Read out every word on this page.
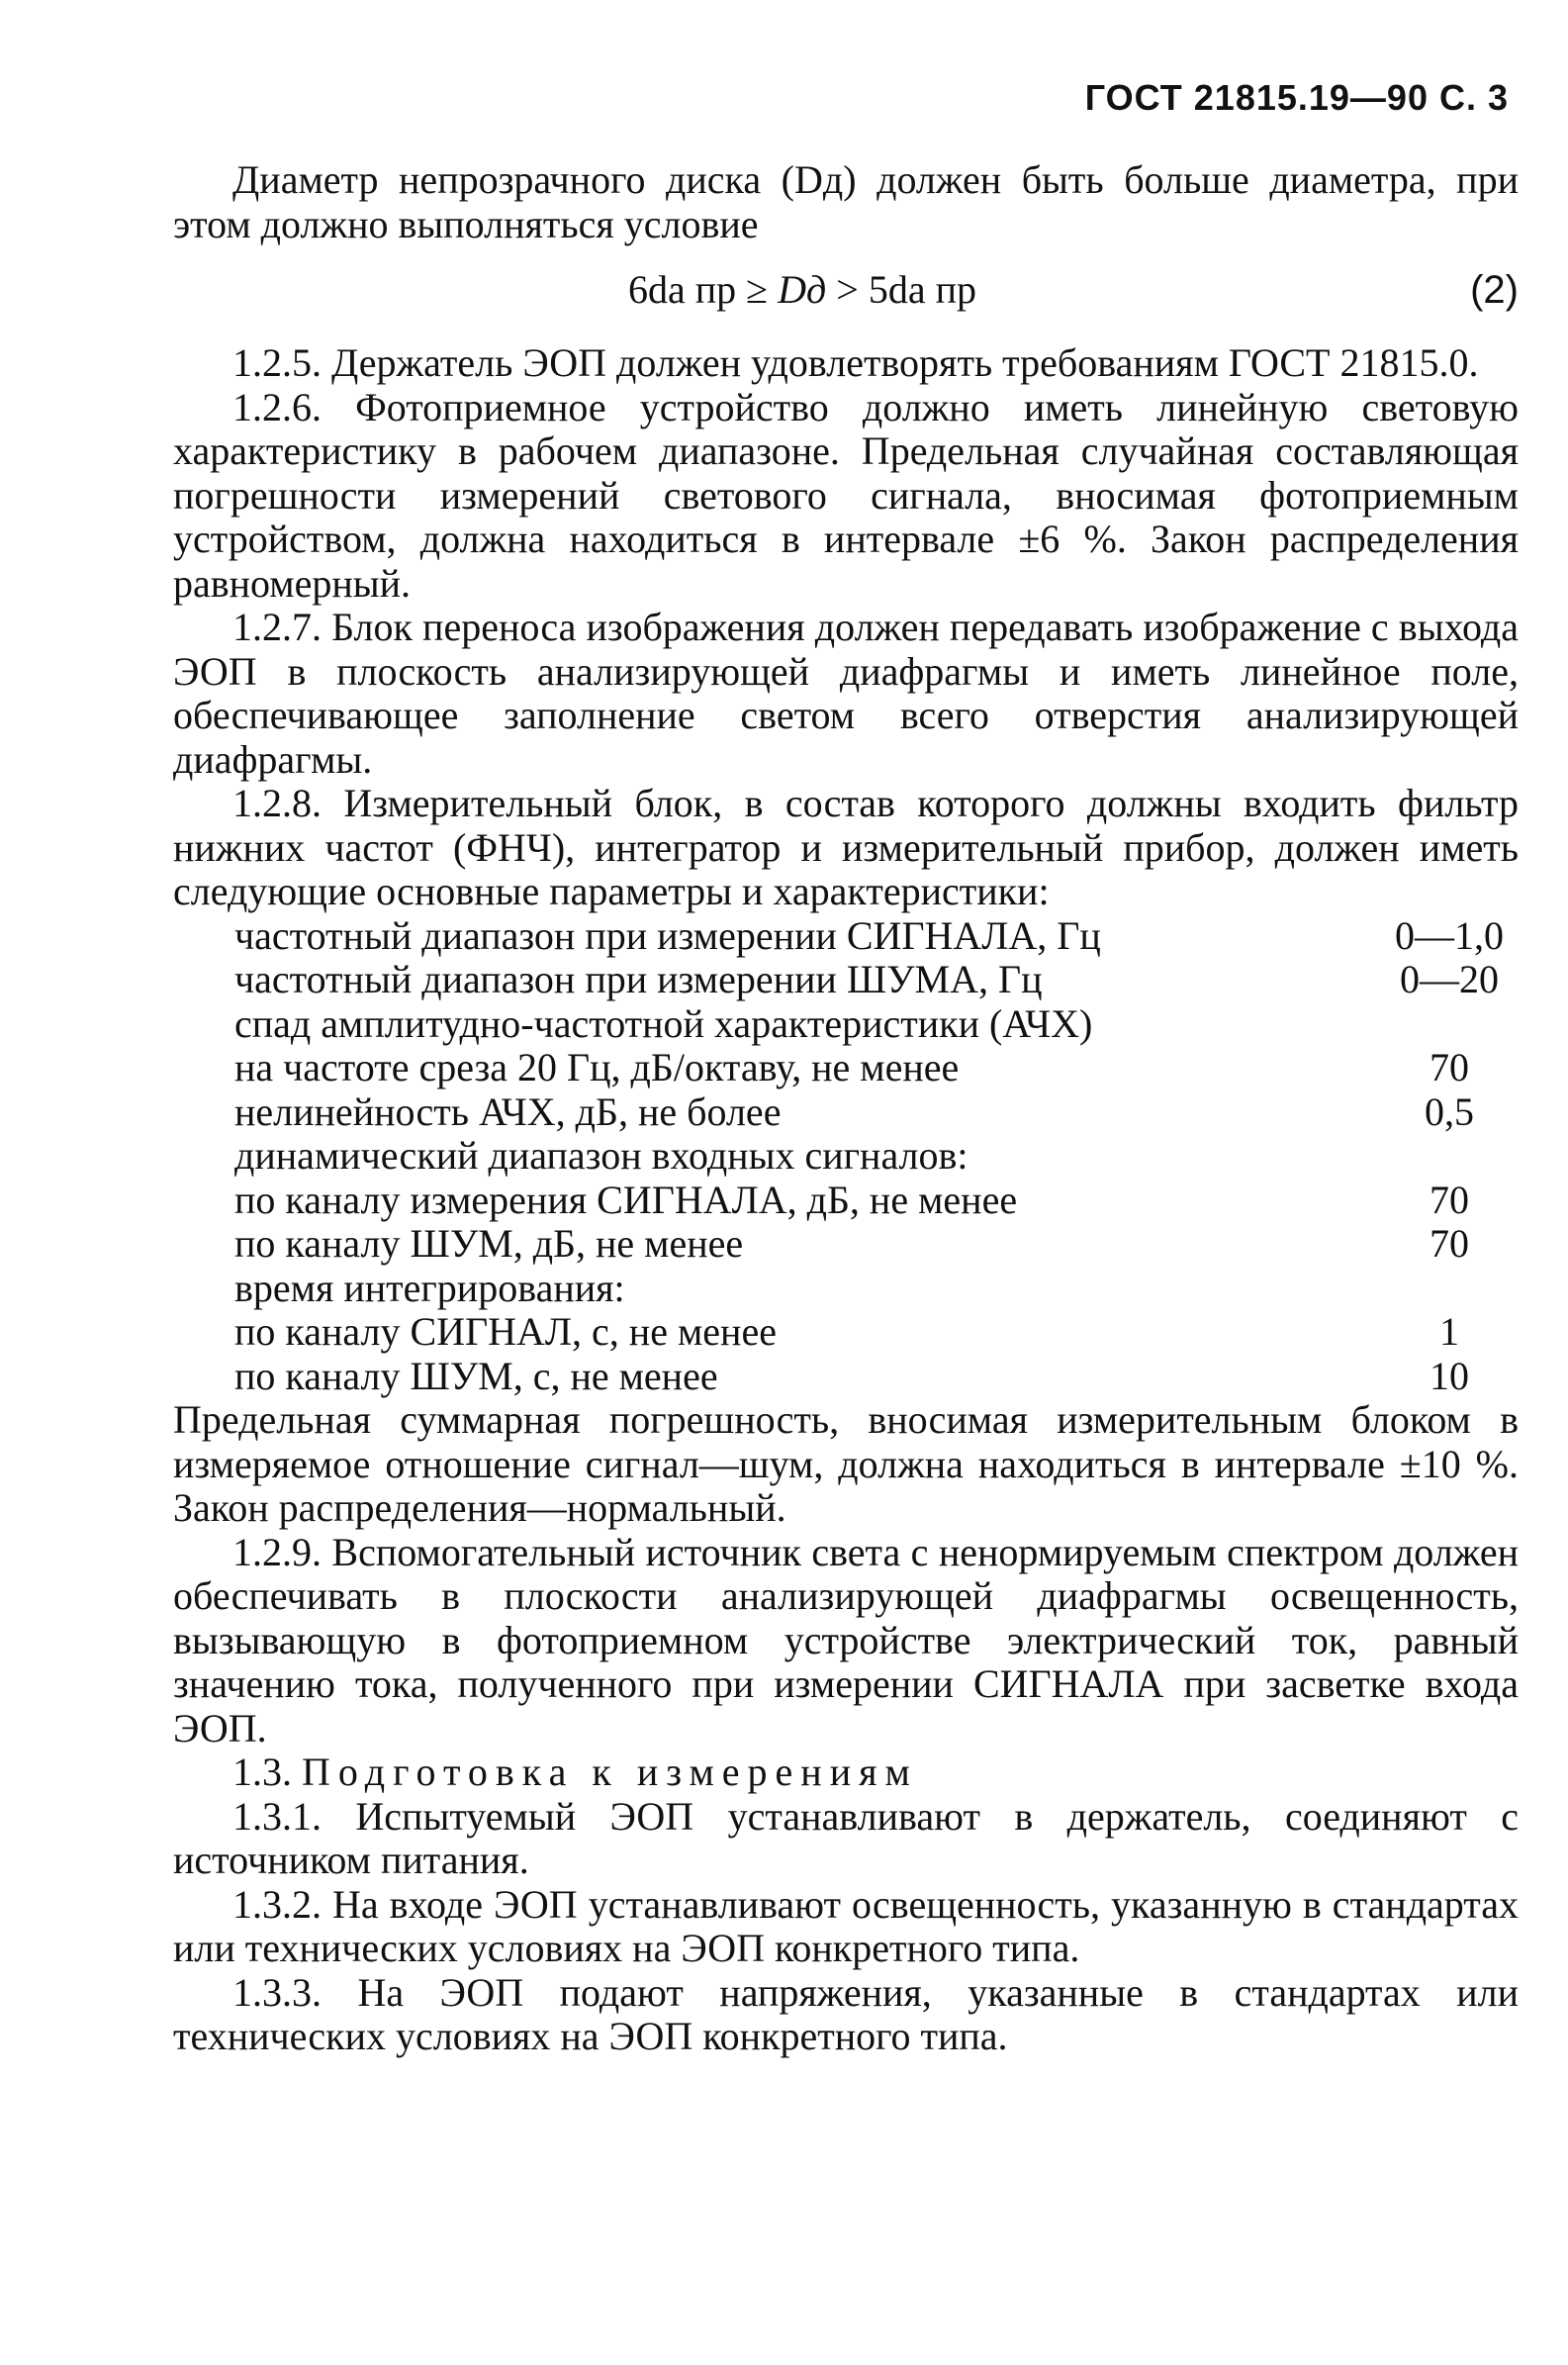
ГОСТ 21815.19—90 С. 3
Диаметр непрозрачного диска (Dд) должен быть больше диаметра, при этом должно выполняться условие
6dа пр ≥ Dд > 5dа пр	(2)
1.2.5. Держатель ЭОП должен удовлетворять требованиям ГОСТ 21815.0.
1.2.6. Фотоприемное устройство должно иметь линейную световую характеристику в рабочем диапазоне. Предельная случайная составляющая погрешности измерений светового сигнала, вносимая фотоприемным устройством, должна находиться в интервале ±6 %. Закон распределения равномерный.
1.2.7. Блок переноса изображения должен передавать изображение с выхода ЭОП в плоскость анализирующей диафрагмы и иметь линейное поле, обеспечивающее заполнение светом всего отверстия анализирующей диафрагмы.
1.2.8. Измерительный блок, в состав которого должны входить фильтр нижних частот (ФНЧ), интегратор и измерительный прибор, должен иметь следующие основные параметры и характеристики:
частотный диапазон при измерении СИГНАЛА, Гц	0—1,0
частотный диапазон при измерении ШУМА, Гц	0—20
спад амплитудно-частотной характеристики (АЧХ)
на частоте среза 20 Гц, дБ/октаву, не менее	70
нелинейность АЧХ, дБ, не более	0,5
динамический диапазон входных сигналов:
по каналу измерения СИГНАЛА, дБ, не менее	70
по каналу ШУМ, дБ, не менее	70
время интегрирования:
по каналу СИГНАЛ, с, не менее	1
по каналу ШУМ, с, не менее	10
Предельная суммарная погрешность, вносимая измерительным блоком в измеряемое отношение сигнал—шум, должна находиться в интервале ±10 %. Закон распределения—нормальный.
1.2.9. Вспомогательный источник света с ненормируемым спектром должен обеспечивать в плоскости анализирующей диафрагмы освещенность, вызывающую в фотоприемном устройстве электрический ток, равный значению тока, полученного при измерении СИГНАЛА при засветке входа ЭОП.
1.3. Подготовка к измерениям
1.3.1. Испытуемый ЭОП устанавливают в держатель, соединяют с источником питания.
1.3.2. На входе ЭОП устанавливают освещенность, указанную в стандартах или технических условиях на ЭОП конкретного типа.
1.3.3. На ЭОП подают напряжения, указанные в стандартах или технических условиях на ЭОП конкретного типа.
